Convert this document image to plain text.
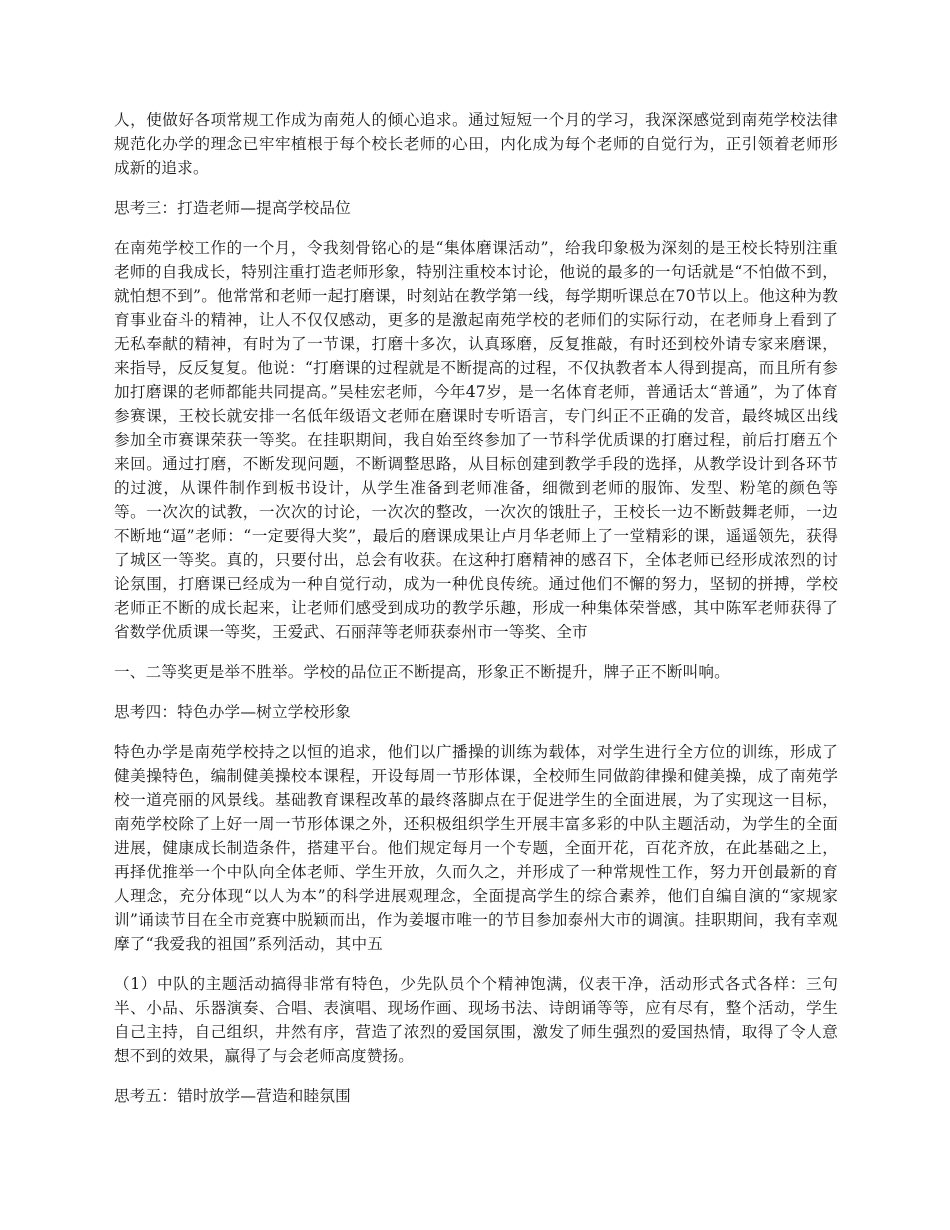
人，使做好各项常规工作成为南苑人的倾心追求。通过短短一个月的学习，我深深感觉到南苑学校法律规范化办学的理念已牢牢植根于每个校长老师的心田，内化成为每个老师的自觉行为，正引领着老师形成新的追求。

思考三：打造老师—提高学校品位

在南苑学校工作的一个月，令我刻骨铭心的是“集体磨课活动”，给我印象极为深刻的是王校长特别注重老师的自我成长，特别注重打造老师形象，特别注重校本讨论，他说的最多的一句话就是“不怕做不到，就怕想不到”。他常常和老师一起打磨课，时刻站在教学第一线，每学期听课总在70节以上。他这种为教育事业奋斗的精神，让人不仅仅感动，更多的是激起南苑学校的老师们的实际行动，在老师身上看到了无私奉献的精神，有时为了一节课，打磨十多次，认真琢磨，反复推敲，有时还到校外请专家来磨课，来指导，反反复复。他说：“打磨课的过程就是不断提高的过程，不仅执教者本人得到提高，而且所有参加打磨课的老师都能共同提高。”吴桂宏老师，今年47岁，是一名体育老师，普通话太“普通”，为了体育参赛课，王校长就安排一名低年级语文老师在磨课时专听语言，专门纠正不正确的发音，最终城区出线参加全市赛课荣获一等奖。在挂职期间，我自始至终参加了一节科学优质课的打磨过程，前后打磨五个来回。通过打磨，不断发现问题，不断调整思路，从目标创建到教学手段的选择，从教学设计到各环节的过渡，从课件制作到板书设计，从学生准备到老师准备，细微到老师的服饰、发型、粉笔的颜色等等。一次次的试教，一次次的讨论，一次次的整改，一次次的饿肚子，王校长一边不断鼓舞老师，一边不断地“逼”老师：“一定要得大奖”，最后的磨课成果让卢月华老师上了一堂精彩的课，遥遥领先，获得了城区一等奖。真的，只要付出，总会有收获。在这种打磨精神的感召下，全体老师已经形成浓烈的讨论氛围，打磨课已经成为一种自觉行动，成为一种优良传统。通过他们不懈的努力，坚韧的拼搏，学校老师正不断的成长起来，让老师们感受到成功的教学乐趣，形成一种集体荣誉感，其中陈军老师获得了省数学优质课一等奖，王爱武、石丽萍等老师获泰州市一等奖、全市

一、二等奖更是举不胜举。学校的品位正不断提高，形象正不断提升，牌子正不断叫响。

思考四：特色办学—树立学校形象

特色办学是南苑学校持之以恒的追求，他们以广播操的训练为载体，对学生进行全方位的训练，形成了健美操特色，编制健美操校本课程，开设每周一节形体课，全校师生同做韵律操和健美操，成了南苑学校一道亮丽的风景线。基础教育课程改革的最终落脚点在于促进学生的全面进展，为了实现这一目标，南苑学校除了上好一周一节形体课之外，还积极组织学生开展丰富多彩的中队主题活动，为学生的全面进展，健康成长制造条件，搭建平台。他们规定每月一个专题，全面开花，百花齐放，在此基础之上，再择优推举一个中队向全体老师、学生开放，久而久之，并形成了一种常规性工作，努力开创最新的育人理念，充分体现“以人为本”的科学进展观理念，全面提高学生的综合素养，他们自编自演的“家规家训”诵读节目在全市竞赛中脱颖而出，作为姜堰市唯一的节目参加泰州大市的调演。挂职期间，我有幸观摩了“我爱我的祖国”系列活动，其中五

（1）中队的主题活动搞得非常有特色，少先队员个个精神饱满，仪表干净，活动形式各式各样：三句半、小品、乐器演奏、合唱、表演唱、现场作画、现场书法、诗朗诵等等，应有尽有，整个活动，学生自己主持，自己组织，井然有序，营造了浓烈的爱国氛围，激发了师生强烈的爱国热情，取得了令人意想不到的效果，赢得了与会老师高度赞扬。

思考五：错时放学—营造和睦氛围
